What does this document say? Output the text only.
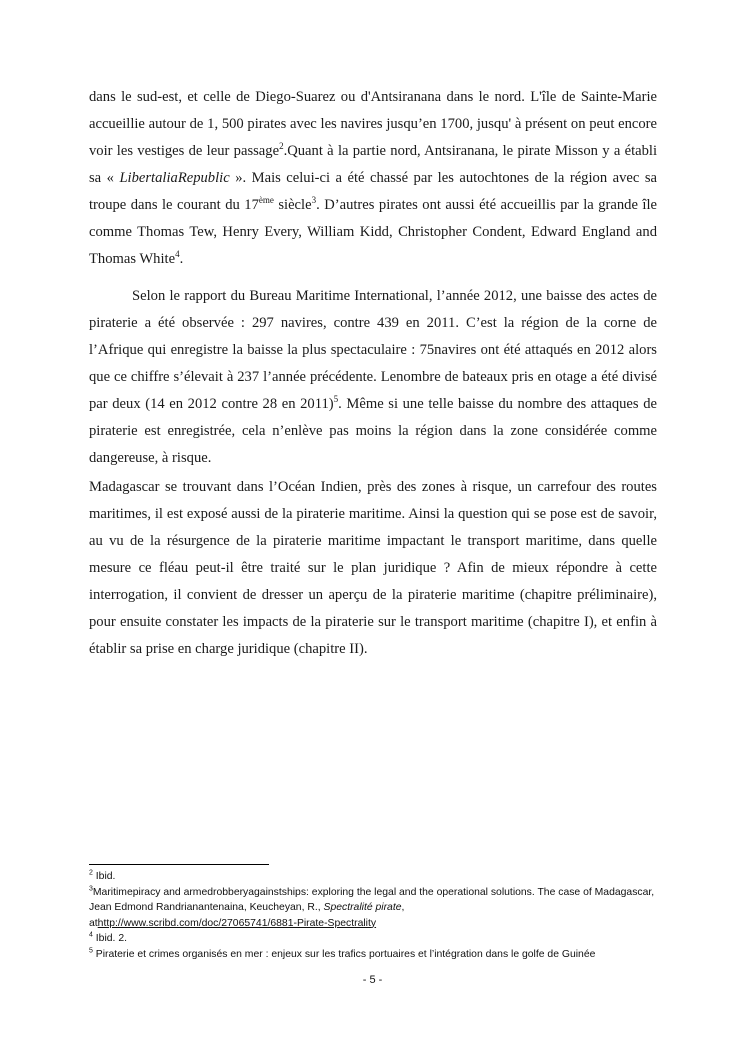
dans le sud-est, et celle de Diego-Suarez ou d'Antsiranana dans le nord. L'île de Sainte-Marie accueillie autour de 1, 500 pirates avec les navires jusqu’en 1700, jusqu' à présent on peut encore voir les vestiges de leur passage$^2$.Quant à la partie nord, Antsiranana, le pirate Misson y a établi sa « LibertaliaRepublic ». Mais celui-ci a été chassé par les autochtones de la région avec sa troupe dans le courant du 17ème siècle$^3$. D’autres pirates ont aussi été accueillis par la grande île comme Thomas Tew, Henry Every, William Kidd, Christopher Condent, Edward England and Thomas White$^4$.

Selon le rapport du Bureau Maritime International, l’année 2012, une baisse des actes de piraterie a été observée : 297 navires, contre 439 en 2011. C’est la région de la corne de l’Afrique qui enregistre la baisse la plus spectaculaire : 75navires ont été attaqués en 2012 alors que ce chiffre s’élevait à 237 l’année précédente. Lenombre de bateaux pris en otage a été divisé par deux (14 en 2012 contre 28 en 2011)$^5$. Même si une telle baisse du nombre des attaques de piraterie est enregistrée, cela n’enlève pas moins la région dans la zone considérée comme dangereuse, à risque.

Madagascar se trouvant dans l’Océan Indien, près des zones à risque, un carrefour des routes maritimes, il est exposé aussi de la piraterie maritime. Ainsi la question qui se pose est de savoir, au vu de la résurgence de la piraterie maritime impactant le transport maritime, dans quelle mesure ce fléau peut-il être traité sur le plan juridique ? Afin de mieux répondre à cette interrogation, il convient de dresser un aperçu de la piraterie maritime (chapitre préliminaire), pour ensuite constater les impacts de la piraterie sur le transport maritime (chapitre I), et enfin à établir sa prise en charge juridique (chapitre II).

$^2$ Ibid.

$^3$Maritimepiracy and armedrobberyagainstships: exploring the legal and the operational solutions. The case of Madagascar, Jean Edmond Randrianantenaina, Keucheyan, R., Spectralité pirate,
athttp://www.scribd.com/doc/27065741/6881-Pirate-Spectrality

$^4$ Ibid. 2.

$^5$ Piraterie et crimes organisés en mer : enjeux sur les trafics portuaires et l’intégration dans le golfe de Guinée

- 5 -
